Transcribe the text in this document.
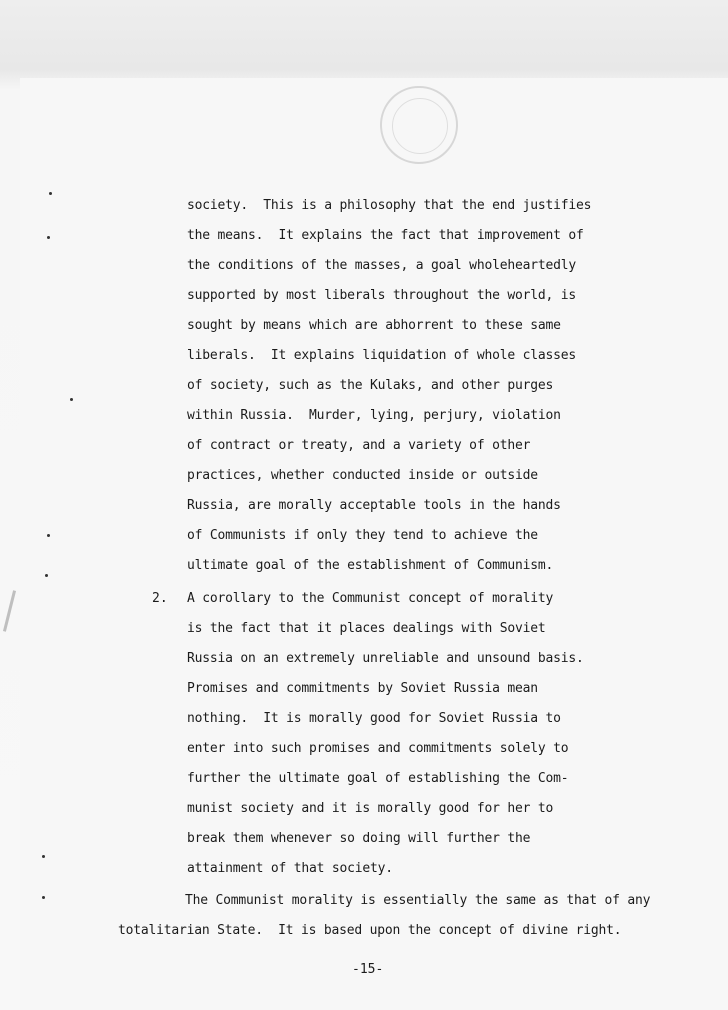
society.  This is a philosophy that the end justifies
the means.  It explains the fact that improvement of
the conditions of the masses, a goal wholeheartedly
supported by most liberals throughout the world, is
sought by means which are abhorrent to these same
liberals.  It explains liquidation of whole classes
of society, such as the Kulaks, and other purges
within Russia.  Murder, lying, perjury, violation
of contract or treaty, and a variety of other
practices, whether conducted inside or outside
Russia, are morally acceptable tools in the hands
of Communists if only they tend to achieve the
ultimate goal of the establishment of Communism.
2. A corollary to the Communist concept of morality
is the fact that it places dealings with Soviet
Russia on an extremely unreliable and unsound basis.
Promises and commitments by Soviet Russia mean
nothing.  It is morally good for Soviet Russia to
enter into such promises and commitments solely to
further the ultimate goal of establishing the Com-
munist society and it is morally good for her to
break them whenever so doing will further the
attainment of that society.
The Communist morality is essentially the same as that of any
totalitarian State.  It is based upon the concept of divine right.
-15-
